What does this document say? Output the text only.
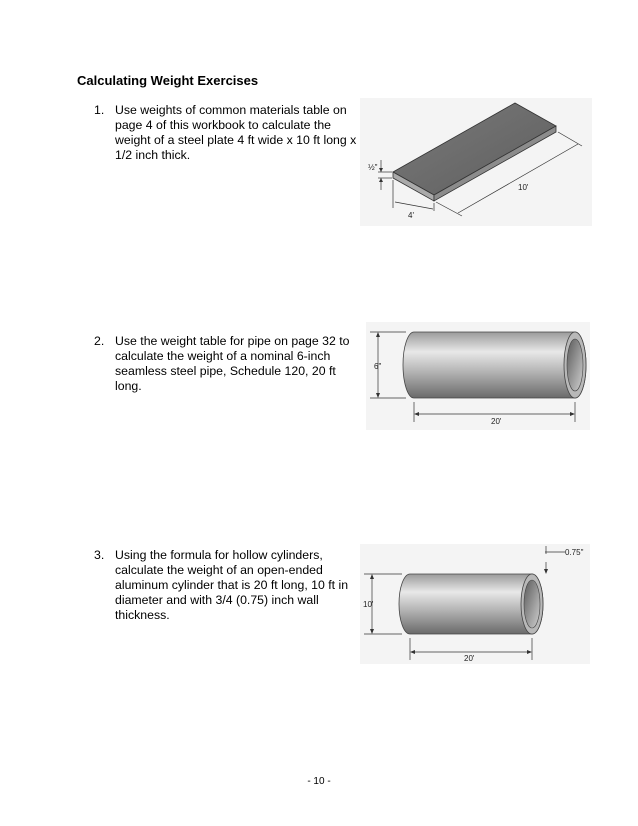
Calculating Weight Exercises
1. Use weights of common materials table on page 4 of this workbook to calculate the weight of a steel plate 4 ft wide x 10 ft long x 1/2 inch thick.
½"
4'
10'
2. Use the weight table for pipe on page 32 to calculate the weight of a nominal 6-inch seamless steel pipe, Schedule 120, 20 ft long.
6"
20'
3. Using the formula for hollow cylinders, calculate the weight of an open-ended aluminum cylinder that is 20 ft long, 10 ft in diameter and with 3/4 (0.75) inch wall thickness.
0.75"
10'
20'
- 10 -
